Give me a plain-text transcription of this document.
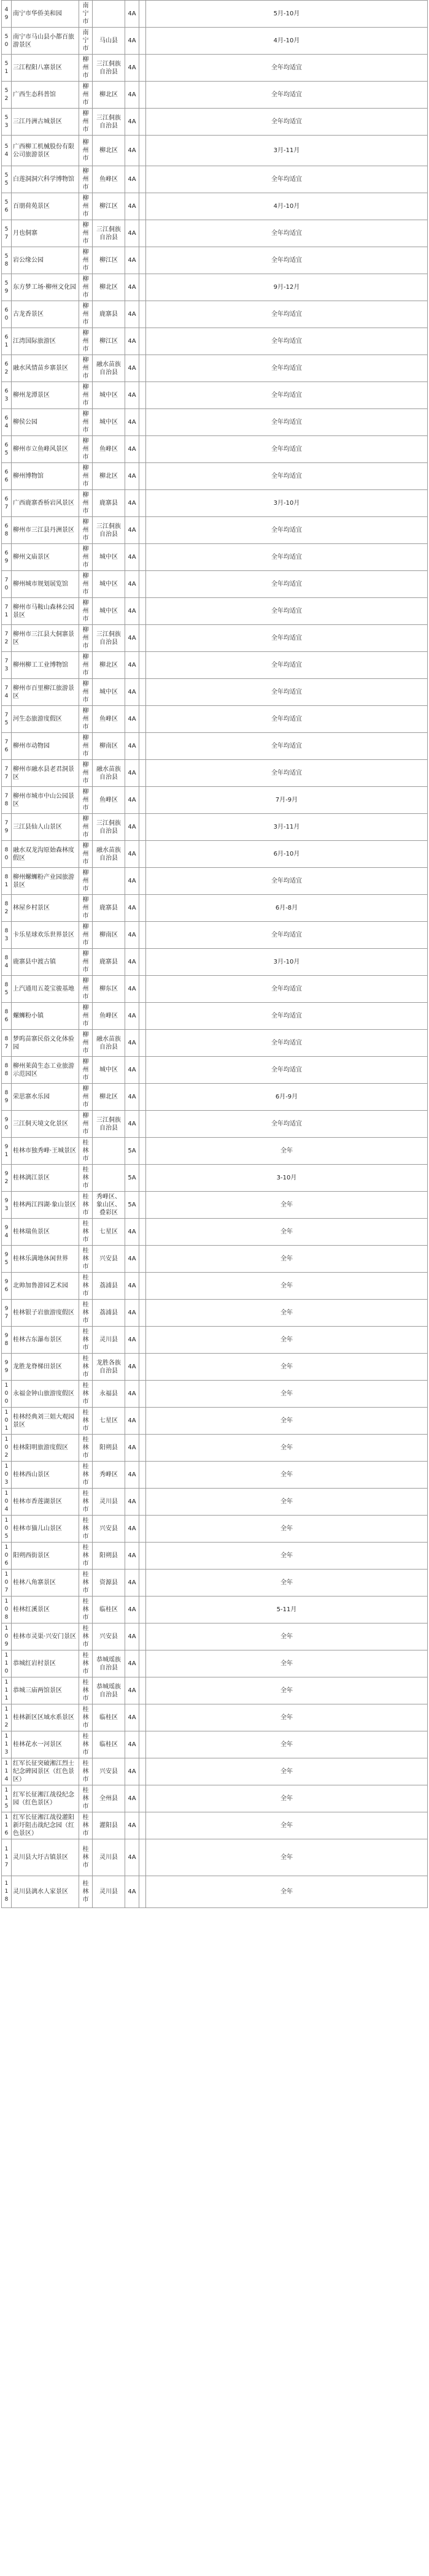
49	南宁市华侨美和园	南宁市		4A		5月-10月
50	南宁市马山县小都百旅游景区	南宁市	马山县	4A		4月-10月
51	三江程阳八寨景区	柳州市	三江侗族自治县	4A		全年均适宜
52	广西生态科普馆	柳州市	柳北区	4A		全年均适宜
53	三江丹洲古城景区	柳州市	三江侗族自治县	4A		全年均适宜
54	广西柳工机械股份有限公司旅游景区	柳州市	柳北区	4A		3月-11月
55	白莲洞洞穴科学博物馆	柳州市	鱼峰区	4A		全年均适宜
56	百朋荷苑景区	柳州市	柳江区	4A		4月-10月
57	月也侗寨	柳州市	三江侗族自治县	4A		全年均适宜
58	岩公缘公园	柳州市	柳江区	4A		全年均适宜
59	东方梦工场·柳州文化园	柳州市	柳北区	4A		9月-12月
60	古龙香景区	柳州市	鹿寨县	4A		全年均适宜
61	江湾国际旅游区	柳州市	柳江区	4A		全年均适宜
62	融水风情苗乡寨景区	柳州市	融水苗族自治县	4A		全年均适宜
63	柳州龙潭景区	柳州市	城中区	4A		全年均适宜
64	柳侯公园	柳州市	城中区	4A		全年均适宜
65	柳州市立鱼峰风景区	柳州市	鱼峰区	4A		全年均适宜
66	柳州博物馆	柳州市	柳北区	4A		全年均适宜
67	广西鹿寨香桥岩风景区	柳州市	鹿寨县	4A		3月-10月
68	柳州市三江县丹洲景区	柳州市	三江侗族自治县	4A		全年均适宜
69	柳州文庙景区	柳州市	城中区	4A		全年均适宜
70	柳州城市规划展览馆	柳州市	城中区	4A		全年均适宜
71	柳州市马鞍山森林公园景区	柳州市	城中区	4A		全年均适宜
72	柳州市三江县大侗寨景区	柳州市	三江侗族自治县	4A		全年均适宜
73	柳州柳工工业博物馆	柳州市	柳北区	4A		全年均适宜
74	柳州市百里柳江旅游景区	柳州市	城中区	4A		全年均适宜
75	河生态旅游度假区	柳州市	鱼峰区	4A		全年均适宜
76	柳州市动物园	柳州市	柳南区	4A		全年均适宜
77	柳州市融水县老君洞景区	柳州市	融水苗族自治县	4A		全年均适宜
78	柳州市城市中山公园景区	柳州市	鱼峰区	4A		7月-9月
79	三江县仙人山景区	柳州市	三江侗族自治县	4A		3月-11月
80	融水双龙沟原始森林度假区	柳州市	融水苗族自治县	4A		6月-10月
81	柳州螺蛳粉产业园旅游景区	柳州市		4A		全年均适宜
82	林屋乡村景区	柳州市	鹿寨县	4A		6月-8月
83	卡乐星球欢乐世界景区	柳州市	柳南区	4A		全年均适宜
84	鹿寨县中渡古镇	柳州市	鹿寨县	4A		3月-10月
85	上汽通用五菱宝骏基地	柳州市	柳东区	4A		全年均适宜
86	螺蛳粉小镇	柳州市	鱼峰区	4A		全年均适宜
87	梦呜苗寨民俗文化体验园	柳州市	融水苗族自治县	4A		全年均适宜
88	柳州莱茵生态工业旅游示范园区	柳州市	城中区	4A		全年均适宜
89	荣思寨水乐园	柳州市	柳北区	4A		6月-9月
90	三江侗天境文化景区	柳州市	三江侗族自治县	4A		全年均适宜
91	桂林市独秀峰·王城景区	桂林市		5A		全年
92	桂林漓江景区	桂林市		5A		3-10月
93	桂林两江四湖·象山景区	桂林市	秀峰区、象山区、叠彩区	5A		全年
94	桂林瑞鱼景区	桂林市	七星区	4A		全年
95	桂林乐满地休闲世界	桂林市	兴安县	4A		全年
96	北帅加鲁游园艺术园	桂林市	荔浦县	4A		全年
97	桂林银子岩旅游度假区	桂林市	荔浦县	4A		全年
98	桂林古东瀑布景区	桂林市	灵川县	4A		全年
99	龙胜龙脊梯田景区	桂林市	龙胜各族自治县	4A		全年
100	永福金钟山旅游度假区	桂林市	永福县	4A		全年
101	桂林经典刘三姐大观园景区	桂林市	七星区	4A		全年
102	桂林阳明旅游度假区	桂林市	阳朔县	4A		全年
103	桂林西山景区	桂林市	秀峰区	4A		全年
104	桂林市香莲湖景区	桂林市	灵川县	4A		全年
105	桂林市猫儿山景区	桂林市	兴安县	4A		全年
106	阳朔西街景区	桂林市	阳朔县	4A		全年
107	桂林八角寨景区	桂林市	资源县	4A		全年
108	桂林红溪景区	桂林市	临桂区	4A		5-11月
109	桂林市灵渠·兴安门景区	桂林市	兴安县	4A		全年
110	恭城红岩村景区	桂林市	恭城瑶族自治县	4A		全年
111	恭城三庙两馆景区	桂林市	恭城瑶族自治县	4A		全年
112	桂林新区区域水系景区	桂林市	临桂区	4A		全年
113	桂林花水一河景区	桂林市	临桂区	4A		全年
114	红军长征突破湘江烈士纪念碑园景区（红色景区）	桂林市	兴安县	4A		全年
115	红军长征湘江战役纪念园（红色景区）	桂林市	全州县	4A		全年
116	红军长征湘江战役灌阳新圩阻击战纪念园（红色景区）	桂林市	灌阳县	4A		全年
117	灵川县大圩古镇景区	桂林市	灵川县	4A		全年
118	灵川县漓水人家景区	桂林市	灵川县	4A		全年
